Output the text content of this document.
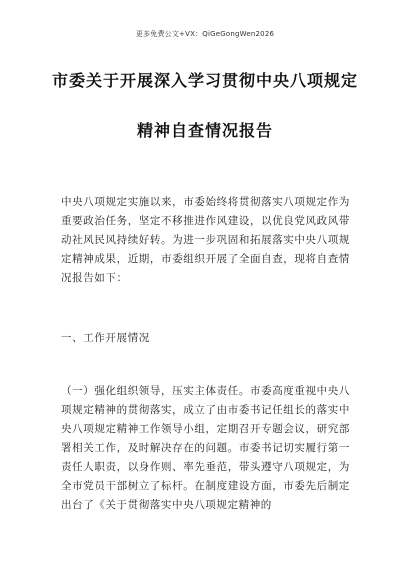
更多免费公文+VX：QiGeGongWen2026
市委关于开展深入学习贯彻中央八项规定
精神自查情况报告
中央八项规定实施以来，市委始终将贯彻落实八项规定作为重要政治任务，坚定不移推进作风建设，以优良党风政风带动社风民风持续好转。为进一步巩固和拓展落实中央八项规定精神成果，近期，市委组织开展了全面自查，现将自查情况报告如下：
一、工作开展情况
（一）强化组织领导，压实主体责任。市委高度重视中央八项规定精神的贯彻落实，成立了由市委书记任组长的落实中央八项规定精神工作领导小组，定期召开专题会议，研究部署相关工作，及时解决存在的问题。市委书记切实履行第一责任人职责，以身作则、率先垂范，带头遵守八项规定，为全市党员干部树立了标杆。在制度建设方面，市委先后制定出台了《关于贯彻落实中央八项规定精神的
